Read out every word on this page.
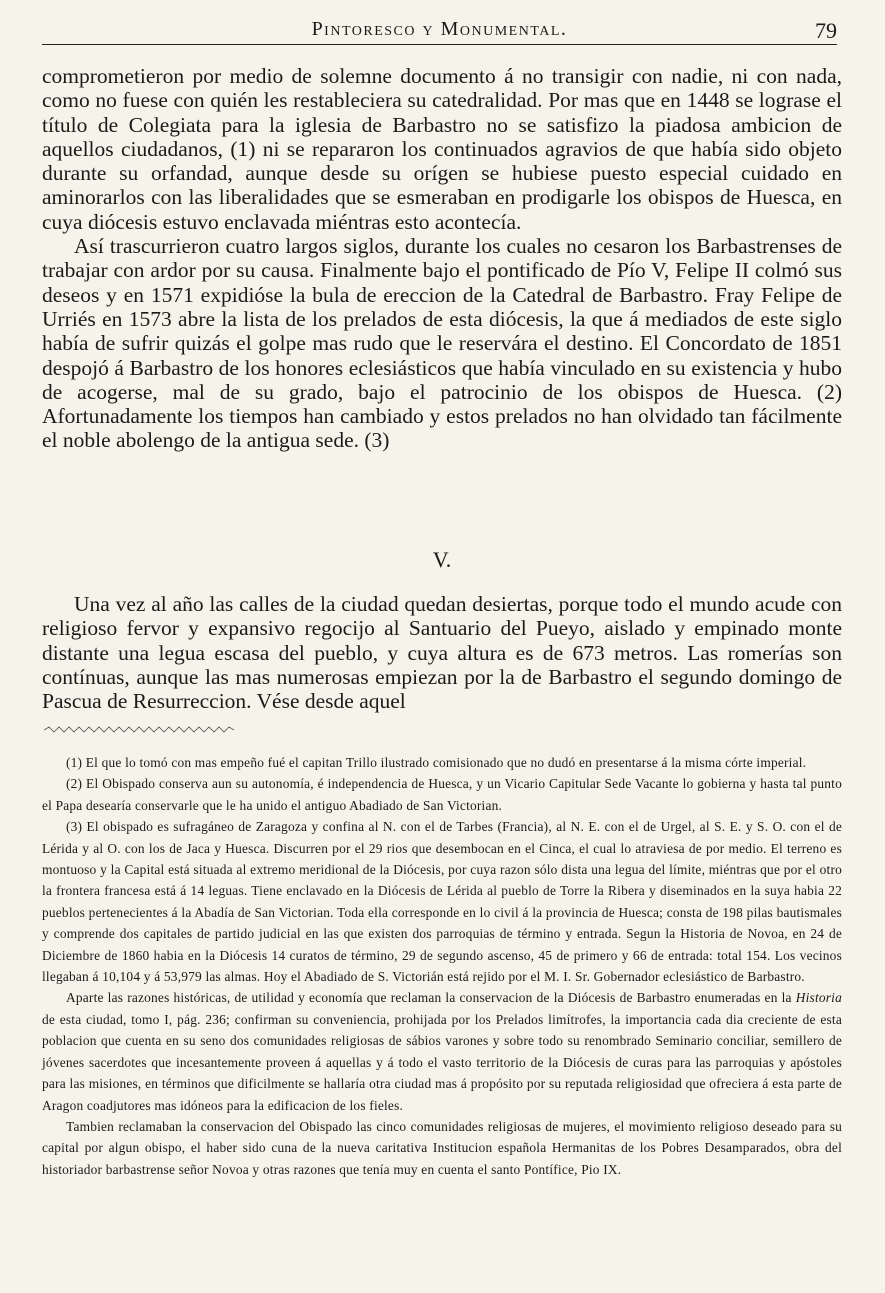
Pintoresco y Monumental.	79

comprometieron por medio de solemne documento á no transigir con nadie, ni con nada, como no fuese con quién les restableciera su catedralidad. Por mas que en 1448 se lograse el título de Colegiata para la iglesia de Barbastro no se satisfizo la piadosa ambicion de aquellos ciudadanos, (1) ni se repararon los continuados agravios de que había sido objeto durante su orfandad, aunque desde su orígen se hubiese puesto especial cuidado en aminorarlos con las liberalidades que se esmeraban en prodigarle los obispos de Huesca, en cuya diócesis estuvo enclavada miéntras esto acontecía.

Así trascurrieron cuatro largos siglos, durante los cuales no cesaron los Barbastrenses de trabajar con ardor por su causa. Finalmente bajo el pontificado de Pío V, Felipe II colmó sus deseos y en 1571 expidióse la bula de ereccion de la Catedral de Barbastro. Fray Felipe de Urriés en 1573 abre la lista de los prelados de esta diócesis, la que á mediados de este siglo había de sufrir quizás el golpe mas rudo que le reservára el destino. El Concordato de 1851 despojó á Barbastro de los honores eclesiásticos que había vinculado en su existencia y hubo de acogerse, mal de su grado, bajo el patrocinio de los obispos de Huesca. (2) Afortunadamente los tiempos han cambiado y estos prelados no han olvidado tan fácilmente el noble abolengo de la antigua sede. (3)

V.

Una vez al año las calles de la ciudad quedan desiertas, porque todo el mundo acude con religioso fervor y expansivo regocijo al Santuario del Pueyo, aislado y empinado monte distante una legua escasa del pueblo, y cuya altura es de 673 metros. Las romerías son contínuas, aunque las mas numerosas empiezan por la de Barbastro el segundo domingo de Pascua de Resurreccion. Vése desde aquel

(1) El que lo tomó con mas empeño fué el capitan Trillo ilustrado comisionado que no dudó en presentarse á la misma córte imperial.

(2) El Obispado conserva aun su autonomía, é independencia de Huesca, y un Vicario Capitular Sede Vacante lo gobierna y hasta tal punto el Papa desearía conservarle que le ha unido el antiguo Abadiado de San Victorian.

(3) El obispado es sufragáneo de Zaragoza y confina al N. con el de Tarbes (Francia), al N. E. con el de Urgel, al S. E. y S. O. con el de Lérida y al O. con los de Jaca y Huesca. Discurren por el 29 rios que desembocan en el Cinca, el cual lo atraviesa de por medio. El terreno es montuoso y la Capital está situada al extremo meridional de la Diócesis, por cuya razon sólo dista una legua del límite, miéntras que por el otro la frontera francesa está á 14 leguas. Tiene enclavado en la Diócesis de Lérida al pueblo de Torre la Ribera y diseminados en la suya habia 22 pueblos pertenecientes á la Abadía de San Victorian. Toda ella corresponde en lo civil á la provincia de Huesca; consta de 198 pilas bautismales y comprende dos capitales de partido judicial en las que existen dos parroquias de término y entrada. Segun la Historia de Novoa, en 24 de Diciembre de 1860 habia en la Diócesis 14 curatos de término, 29 de segundo ascenso, 45 de primero y 66 de entrada: total 154. Los vecinos llegaban á 10,104 y á 53,979 las almas. Hoy el Abadiado de S. Victorián está rejido por el M. I. Sr. Gobernador eclesiástico de Barbastro.

Aparte las razones históricas, de utilidad y economía que reclaman la conservacion de la Diócesis de Barbastro enumeradas en la Historia de esta ciudad, tomo I, pág. 236; confirman su conveniencia, prohijada por los Prelados limítrofes, la importancia cada dia creciente de esta poblacion que cuenta en su seno dos comunidades religiosas de sábios varones y sobre todo su renombrado Seminario conciliar, semillero de jóvenes sacerdotes que incesantemente proveen á aquellas y á todo el vasto territorio de la Diócesis de curas para las parroquias y apóstoles para las misiones, en términos que dificilmente se hallaría otra ciudad mas á propósito por su reputada religiosidad que ofreciera á esta parte de Aragon coadjutores mas idóneos para la edificacion de los fieles.

Tambien reclamaban la conservacion del Obispado las cinco comunidades religiosas de mujeres, el movimiento religioso deseado para su capital por algun obispo, el haber sido cuna de la nueva caritativa Institucion española Hermanitas de los Pobres Desamparados, obra del historiador barbastrense señor Novoa y otras razones que tenía muy en cuenta el santo Pontífice, Pio IX.
